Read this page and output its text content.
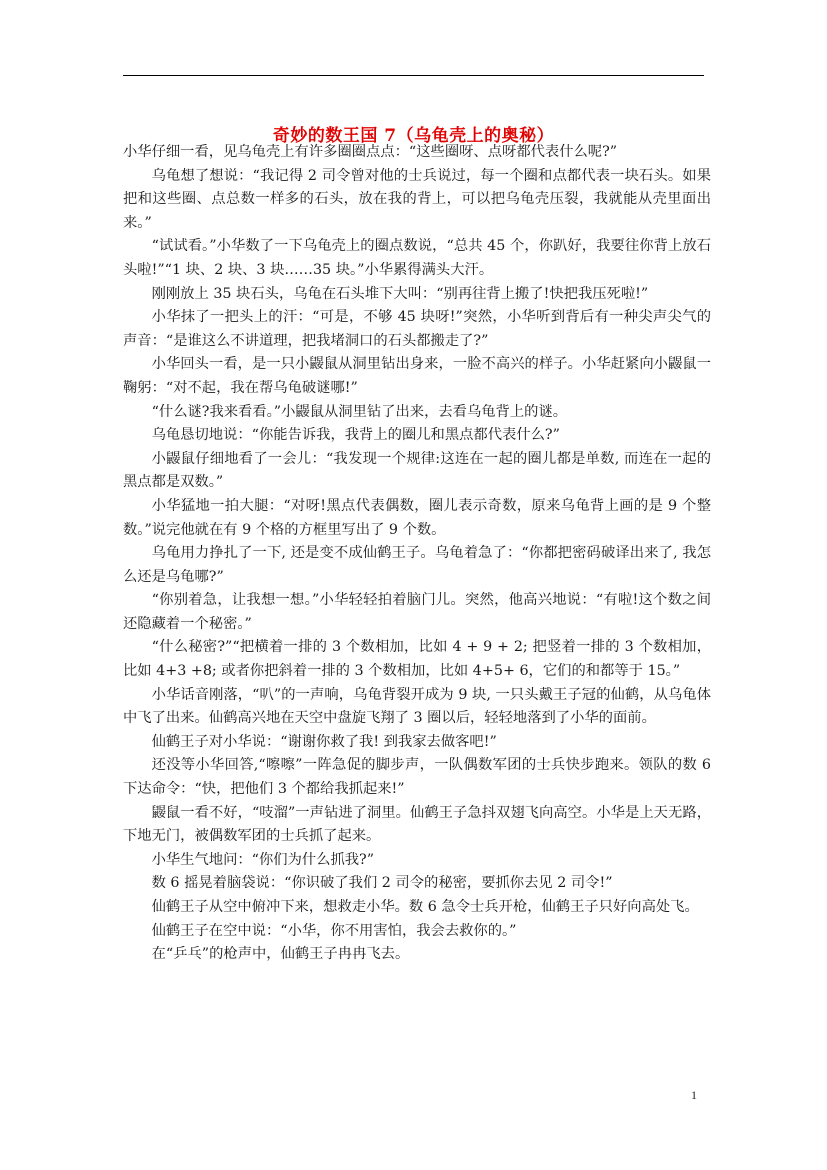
奇妙的数王国 7（乌龟壳上的奥秘）

小华仔细一看，见乌龟壳上有许多圈圈点点：“这些圈呀、点呀都代表什么呢?”

乌龟想了想说：“我记得 2 司令曾对他的士兵说过，每一个圈和点都代表一块石头。如果把和这些圈、点总数一样多的石头，放在我的背上，可以把乌龟壳压裂，我就能从壳里面出来。”

“试试看。”小华数了一下乌龟壳上的圈点数说，“总共 45 个，你趴好，我要往你背上放石头啦!”“1 块、2 块、3 块……35 块。”小华累得满头大汗。

刚刚放上 35 块石头，乌龟在石头堆下大叫：“别再往背上搬了!快把我压死啦!”

小华抹了一把头上的汗：“可是，不够 45 块呀!”突然，小华听到背后有一种尖声尖气的声音：“是谁这么不讲道理，把我堵洞口的石头都搬走了?”

小华回头一看，是一只小鼹鼠从洞里钻出身来，一脸不高兴的样子。小华赶紧向小鼹鼠一鞠躬：“对不起，我在帮乌龟破谜哪!”

“什么谜?我来看看。”小鼹鼠从洞里钻了出来，去看乌龟背上的谜。

乌龟恳切地说：“你能告诉我，我背上的圈儿和黑点都代表什么?”

小鼹鼠仔细地看了一会儿：“我发现一个规律:这连在一起的圈儿都是单数, 而连在一起的黑点都是双数。”

小华猛地一拍大腿：“对呀!黑点代表偶数，圈儿表示奇数，原来乌龟背上画的是 9 个整数。”说完他就在有 9 个格的方框里写出了 9 个数。

乌龟用力挣扎了一下, 还是变不成仙鹤王子。乌龟着急了：“你都把密码破译出来了, 我怎么还是乌龟哪?”

“你别着急，让我想一想。”小华轻轻拍着脑门儿。突然，他高兴地说：“有啦!这个数之间还隐藏着一个秘密。”

“什么秘密?”“把横着一排的 3 个数相加，比如 4 + 9 + 2; 把竖着一排的 3 个数相加，比如 4+3 +8; 或者你把斜着一排的 3 个数相加，比如 4+5+ 6，它们的和都等于 15。”

小华话音刚落，“叭”的一声响，乌龟背裂开成为 9 块, 一只头戴王子冠的仙鹤，从乌龟体中飞了出来。仙鹤高兴地在天空中盘旋飞翔了 3 圈以后，轻轻地落到了小华的面前。

仙鹤王子对小华说：“谢谢你救了我! 到我家去做客吧!”

还没等小华回答,“嚓嚓”一阵急促的脚步声，一队偶数军团的士兵快步跑来。领队的数 6 下达命令：“快，把他们 3 个都给我抓起来!”

鼹鼠一看不好，“吱溜”一声钻进了洞里。仙鹤王子急抖双翅飞向高空。小华是上天无路，下地无门，被偶数军团的士兵抓了起来。

小华生气地问：“你们为什么抓我?”

数 6 摇晃着脑袋说：“你识破了我们 2 司令的秘密，要抓你去见 2 司令!”

仙鹤王子从空中俯冲下来，想救走小华。数 6 急令士兵开枪，仙鹤王子只好向高处飞。

仙鹤王子在空中说：“小华，你不用害怕，我会去救你的。”

在“乒乓”的枪声中，仙鹤王子冉冉飞去。

1
